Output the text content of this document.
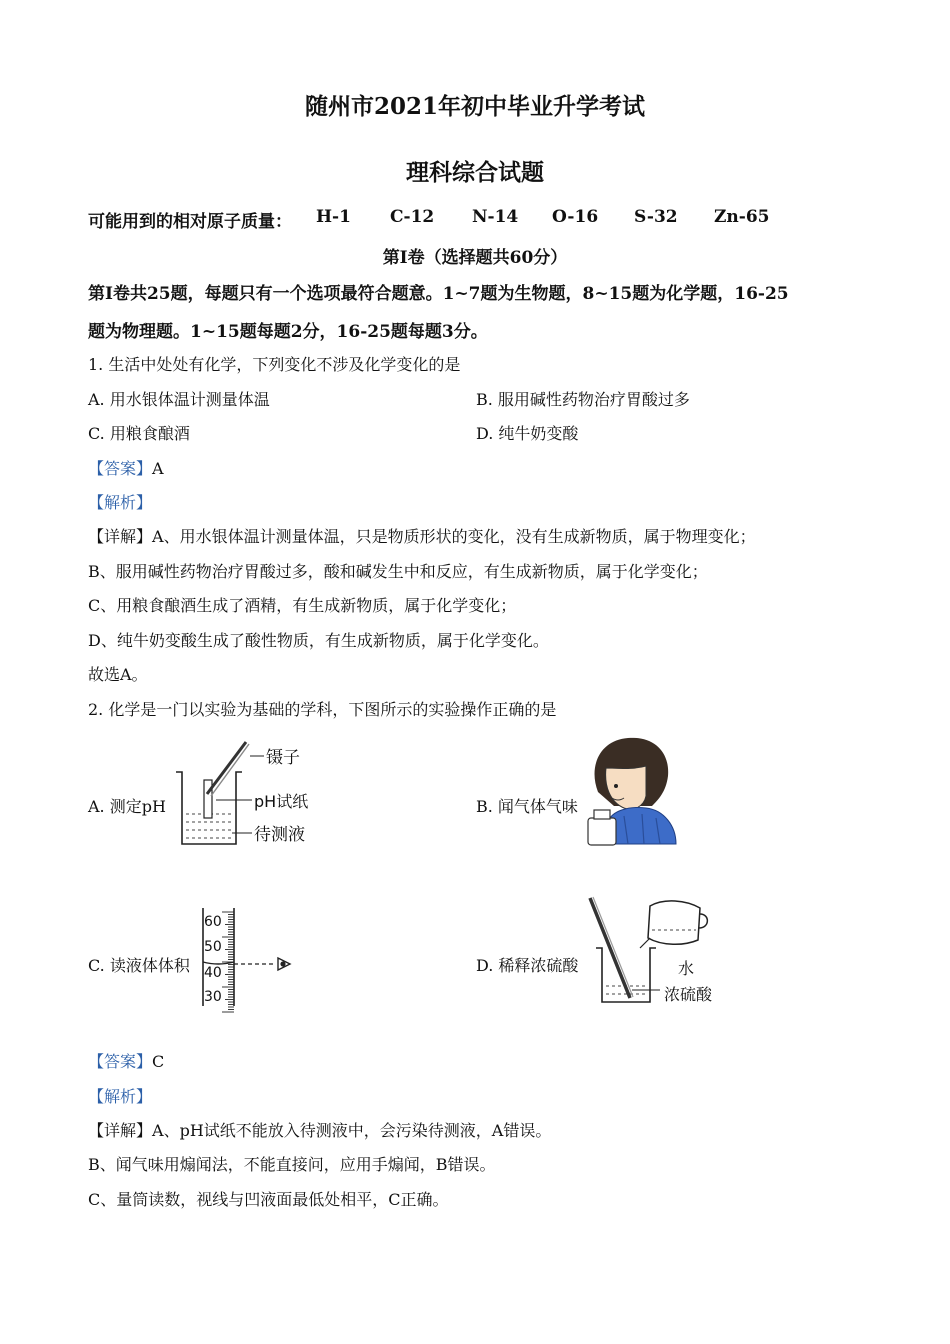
随州市2021年初中毕业升学考试
理科综合试题
可能用到的相对原子质量： H-1 C-12 N-14 O-16 S-32 Zn-65
第Ⅰ卷（选择题共60分）
第Ⅰ卷共25题，每题只有一个选项最符合题意。1~7题为生物题，8~15题为化学题，16-25
题为物理题。1~15题每题2分，16-25题每题3分。
1. 生活中处处有化学，下列变化不涉及化学变化的是
A. 用水银体温计测量体温	B. 服用碱性药物治疗胃酸过多
C. 用粮食酿酒	D. 纯牛奶变酸
【答案】A
【解析】
【详解】A、用水银体温计测量体温，只是物质形状的变化，没有生成新物质，属于物理变化；
B、服用碱性药物治疗胃酸过多，酸和碱发生中和反应，有生成新物质，属于化学变化；
C、用粮食酿酒生成了酒精，有生成新物质，属于化学变化；
D、纯牛奶变酸生成了酸性物质，有生成新物质，属于化学变化。
故选A。
2. 化学是一门以实验为基础的学科，下图所示的实验操作正确的是
A. 测定pH	B. 闻气体气味
C. 读液体体积	D. 稀释浓硫酸
镊子
pH试纸
待测液
60
50
40
30
水
浓硫酸
【答案】C
【解析】
【详解】A、pH试纸不能放入待测液中，会污染待测液，A错误。
B、闻气味用煽闻法，不能直接问，应用手煽闻，B错误。
C、量筒读数，视线与凹液面最低处相平，C正确。
